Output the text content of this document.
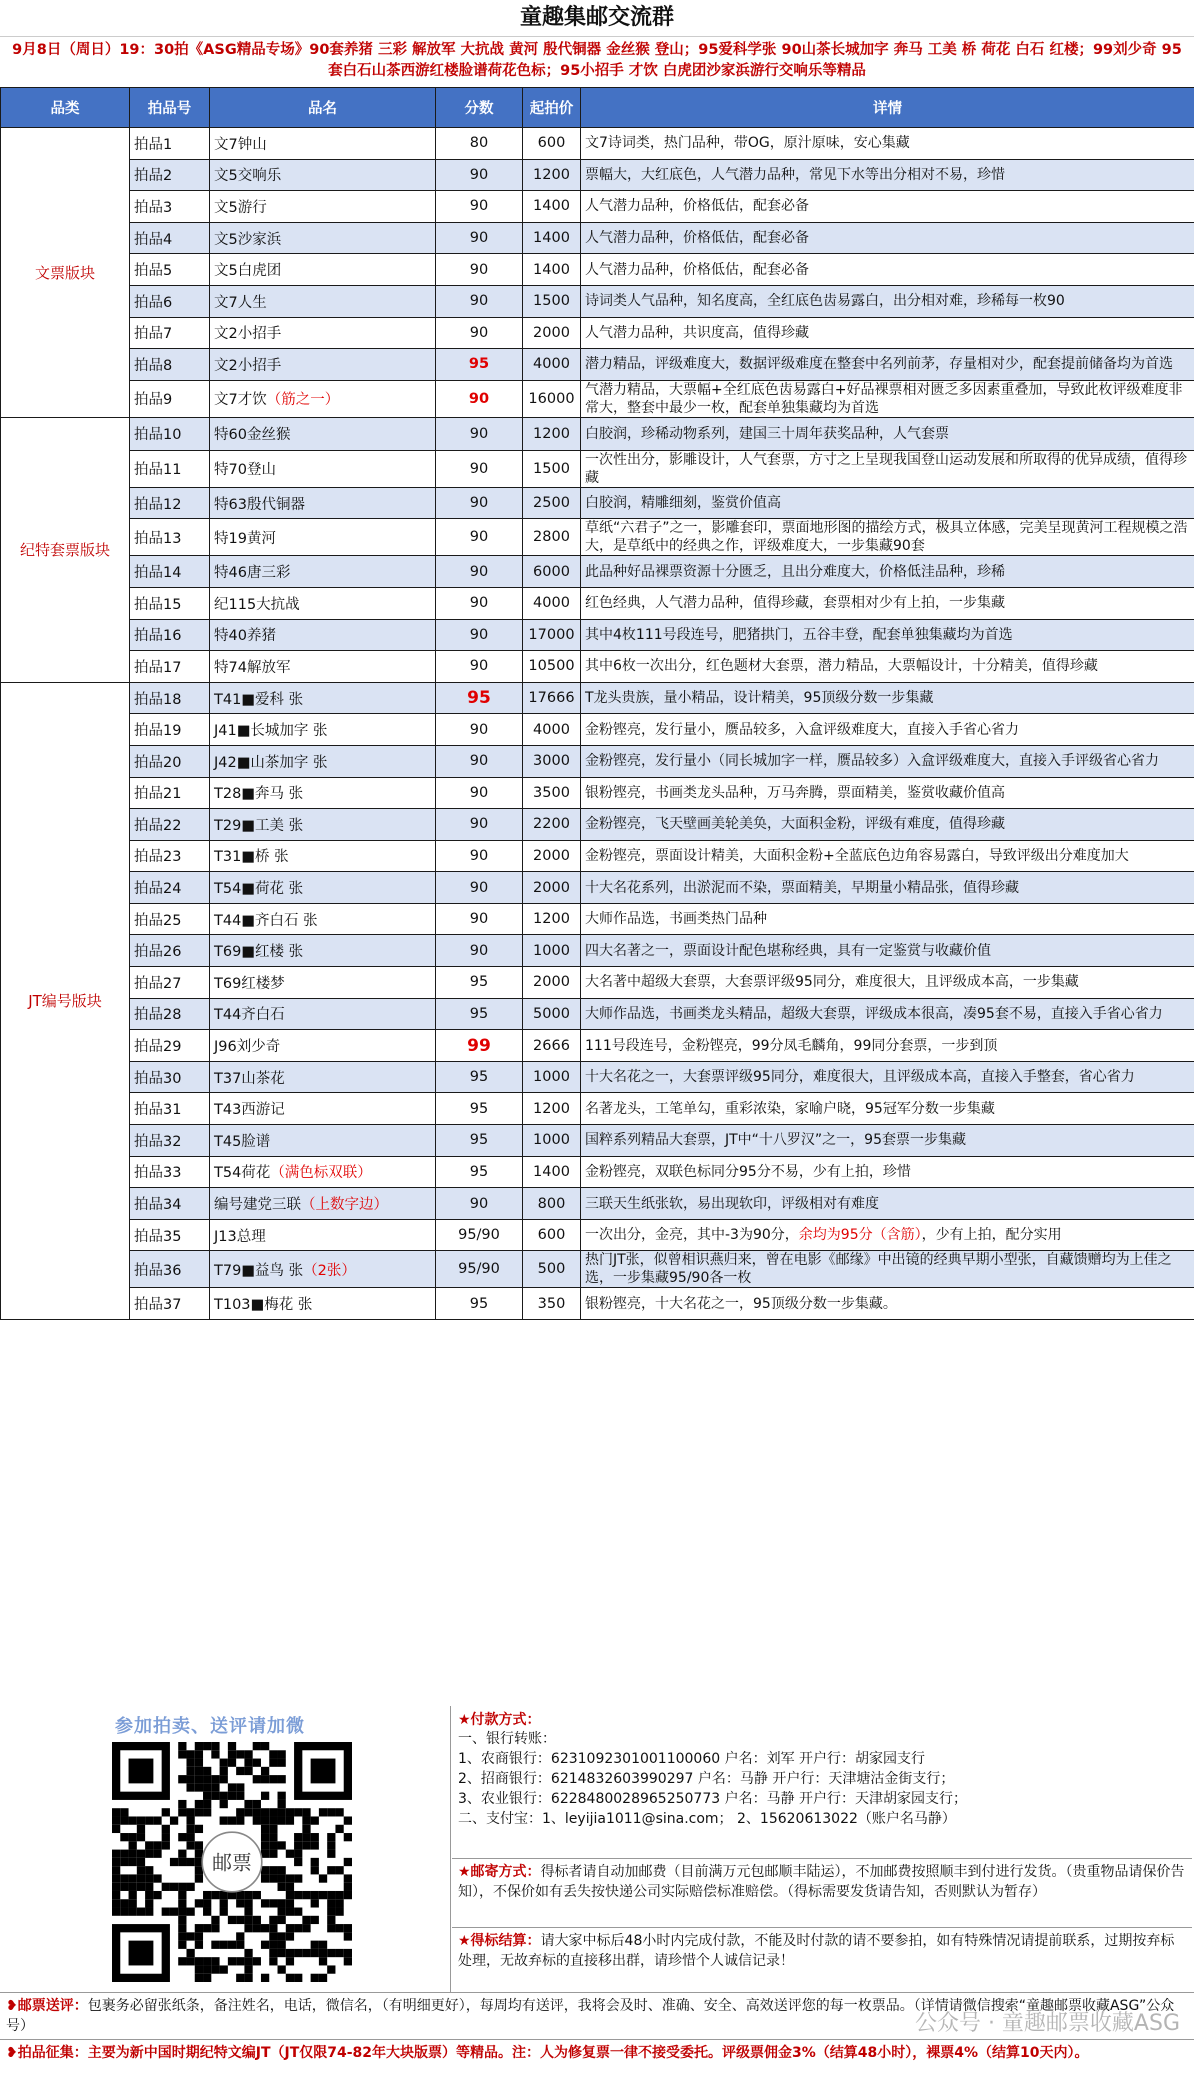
童趣集邮交流群
9月8日（周日）19：30拍《ASG精品专场》90套养猪 三彩 解放军 大抗战 黄河 殷代铜器 金丝猴 登山；95爱科学张 90山茶长城加字 奔马 工美 桥 荷花 白石 红楼；99刘少奇 95套白石山茶西游红楼脸谱荷花色标；95小招手 才饮 白虎团沙家浜游行交响乐等精品
品类	拍品号	品名	分数	起拍价	详情
文票版块	拍品1	文7钟山	80	600	文7诗词类，热门品种，带OG，原汁原味，安心集藏
	拍品2	文5交响乐	90	1200	票幅大，大红底色，人气潜力品种，常见下水等出分相对不易，珍惜
	拍品3	文5游行	90	1400	人气潜力品种，价格低估，配套必备
	拍品4	文5沙家浜	90	1400	人气潜力品种，价格低估，配套必备
	拍品5	文5白虎团	90	1400	人气潜力品种，价格低估，配套必备
	拍品6	文7人生	90	1500	诗词类人气品种，知名度高，全红底色齿易露白，出分相对难，珍稀每一枚90
	拍品7	文2小招手	90	2000	人气潜力品种，共识度高，值得珍藏
	拍品8	文2小招手	95	4000	潜力精品，评级难度大，数据评级难度在整套中名列前茅，存量相对少，配套提前储备均为首选
	拍品9	文7才饮（筋之一）	90	16000	气潜力精品，大票幅+全红底色齿易露白+好品裸票相对匮乏多因素重叠加，导致此枚评级难度非常大，整套中最少一枚，配套单独集藏均为首选
纪特套票版块	拍品10	特60金丝猴	90	1200	白胶润，珍稀动物系列，建国三十周年获奖品种，人气套票
	拍品11	特70登山	90	1500	一次性出分，影雕设计，人气套票，方寸之上呈现我国登山运动发展和所取得的优异成绩，值得珍藏
	拍品12	特63殷代铜器	90	2500	白胶润，精雕细刻，鉴赏价值高
	拍品13	特19黄河	90	2800	草纸“六君子”之一，影雕套印，票面地形图的描绘方式，极具立体感，完美呈现黄河工程规模之浩大，是草纸中的经典之作，评级难度大，一步集藏90套
	拍品14	特46唐三彩	90	6000	此品种好品裸票资源十分匮乏，且出分难度大，价格低洼品种，珍稀
	拍品15	纪115大抗战	90	4000	红色经典，人气潜力品种，值得珍藏，套票相对少有上拍，一步集藏
	拍品16	特40养猪	90	17000	其中4枚111号段连号，肥猪拱门，五谷丰登，配套单独集藏均为首选
	拍品17	特74解放军	90	10500	其中6枚一次出分，红色题材大套票，潜力精品，大票幅设计，十分精美，值得珍藏
JT编号版块	拍品18	T41■爱科 张	95	17666	T龙头贵族，量小精品，设计精美，95顶级分数一步集藏
	拍品19	J41■长城加字 张	90	4000	金粉铿亮，发行量小，赝品较多，入盒评级难度大，直接入手省心省力
	拍品20	J42■山茶加字 张	90	3000	金粉铿亮，发行量小（同长城加字一样，赝品较多）入盒评级难度大，直接入手评级省心省力
	拍品21	T28■奔马 张	90	3500	银粉铿亮，书画类龙头品种，万马奔腾，票面精美，鉴赏收藏价值高
	拍品22	T29■工美 张	90	2200	金粉铿亮，飞天壁画美轮美奂，大面积金粉，评级有难度，值得珍藏
	拍品23	T31■桥 张	90	2000	金粉铿亮，票面设计精美，大面积金粉+全蓝底色边角容易露白，导致评级出分难度加大
	拍品24	T54■荷花 张	90	2000	十大名花系列，出淤泥而不染，票面精美，早期量小精品张，值得珍藏
	拍品25	T44■齐白石 张	90	1200	大师作品选，书画类热门品种
	拍品26	T69■红楼 张	90	1000	四大名著之一，票面设计配色堪称经典，具有一定鉴赏与收藏价值
	拍品27	T69红楼梦	95	2000	大名著中超级大套票，大套票评级95同分，难度很大，且评级成本高，一步集藏
	拍品28	T44齐白石	95	5000	大师作品选，书画类龙头精品，超级大套票，评级成本很高，凑95套不易，直接入手省心省力
	拍品29	J96刘少奇	99	2666	111号段连号，金粉铿亮，99分凤毛麟角，99同分套票，一步到顶
	拍品30	T37山茶花	95	1000	十大名花之一，大套票评级95同分，难度很大，且评级成本高，直接入手整套，省心省力
	拍品31	T43西游记	95	1200	名著龙头，工笔单勾，重彩浓染，家喻户晓，95冠军分数一步集藏
	拍品32	T45脸谱	95	1000	国粹系列精品大套票，JT中“十八罗汉”之一，95套票一步集藏
	拍品33	T54荷花（满色标双联）	95	1400	金粉铿亮，双联色标同分95分不易，少有上拍，珍惜
	拍品34	编号建党三联（上数字边）	90	800	三联天生纸张软，易出现软印，评级相对有难度
	拍品35	J13总理	95/90	600	一次出分，金亮，其中-3为90分，余均为95分（含筋），少有上拍，配分实用
	拍品36	T79■益鸟 张（2张）	95/90	500	热门JT张，似曾相识燕归来，曾在电影《邮缘》中出镜的经典早期小型张，自藏馈赠均为上佳之选，一步集藏95/90各一枚
	拍品37	T103■梅花 张	95	350	银粉铿亮，十大名花之一，95顶级分数一步集藏。
参加拍卖、送评请加微
邮票
★付款方式：
一、银行转账：
1、农商银行：6231092301001100060 户名：刘军 开户行：胡家园支行
2、招商银行：6214832603990297 户名：马静 开户行：天津塘沽金街支行；
3、农业银行：6228480028965250773 户名：马静 开户行：天津胡家园支行；
二、支付宝：1、leyijia1011@sina.com； 2、15620613022（账户名马静）
★邮寄方式：得标者请自动加邮费（目前满万元包邮顺丰陆运），不加邮费按照顺丰到付进行发货。（贵重物品请保价告知），不保价如有丢失按快递公司实际赔偿标准赔偿。（得标需要发货请告知，否则默认为暂存）
★得标结算：请大家中标后48小时内完成付款，不能及时付款的请不要参拍，如有特殊情况请提前联系，过期按弃标处理，无故弃标的直接移出群，请珍惜个人诚信记录！
❥邮票送评：包裹务必留张纸条，备注姓名，电话，微信名，（有明细更好），每周均有送评，我将会及时、准确、安全、高效送评您的每一枚票品。（详情请微信搜索“童趣邮票收藏ASG”公众号）
❥拍品征集：主要为新中国时期纪特文编JT（JT仅限74-82年大块版票）等精品。注：人为修复票一律不接受委托。评级票佣金3%（结算48小时），裸票4%（结算10天内）。
公众号 · 童趣邮票收藏ASG
